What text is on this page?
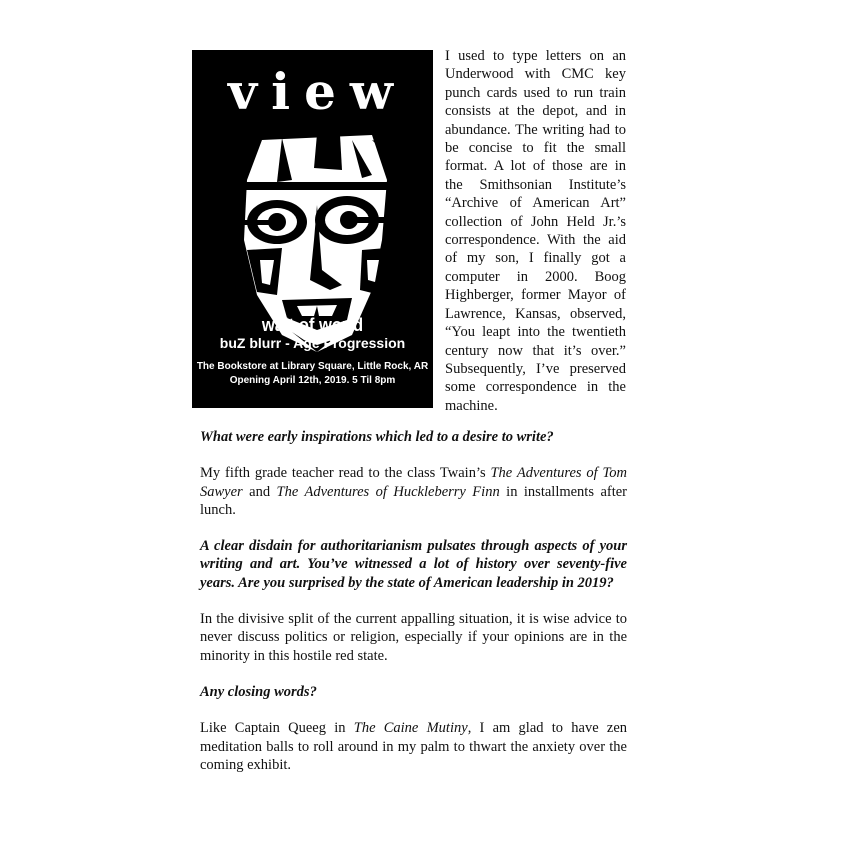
view
wait of world
buZ blurr - Age Progression
The Bookstore at Library Square, Little Rock, AR
Opening April 12th, 2019. 5 Til 8pm
I used to type letters on an Underwood with CMC key punch cards used to run train consists at the depot, and in abundance. The writing had to be concise to fit the small format. A lot of those are in the Smithsonian Institute’s “Archive of American Art” collection of John Held Jr.’s correspondence. With the aid of my son, I finally got a computer in 2000. Boog Highberger, former Mayor of Lawrence, Kansas, observed, “You leapt into the twentieth century now that it’s over.” Subsequently, I’ve preserved some correspondence in the machine.

What were early inspirations which led to a desire to write?

My fifth grade teacher read to the class Twain’s The Adventures of Tom Sawyer and The Adventures of Huckleberry Finn in installments after lunch.

A clear disdain for authoritarianism pulsates through aspects of your writing and art. You’ve witnessed a lot of history over seventy-five years. Are you surprised by the state of American leadership in 2019?

In the divisive split of the current appalling situation, it is wise advice to never discuss politics or religion, especially if your opinions are in the minority in this hostile red state.

Any closing words?

Like Captain Queeg in The Caine Mutiny, I am glad to have zen meditation balls to roll around in my palm to thwart the anxiety over the coming exhibit.
